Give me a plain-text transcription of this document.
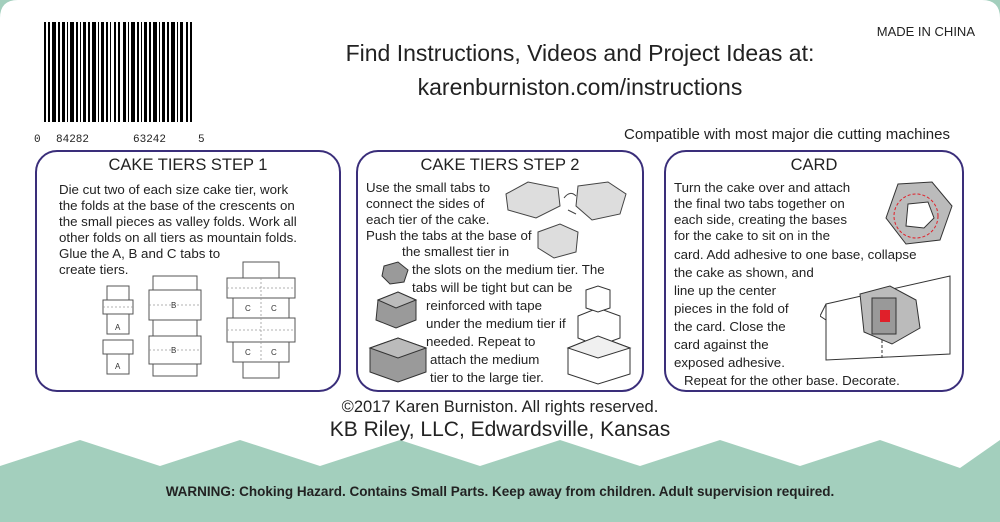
0 84282	63242	5
MADE IN CHINA
Find Instructions, Videos and Project Ideas at:
karenburniston.com/instructions
Compatible with most major die cutting machines
CAKE TIERS STEP 1
Die cut two of each size cake tier, work
the folds at the base of the crescents on
the small pieces as valley folds. Work all
other folds on all tiers as mountain folds.
Glue the A, B and C tabs to
create tiers.
A
A
B
B
C	C
C	C
CAKE TIERS STEP 2
Use the small tabs to
connect the sides of
each tier of the cake.
Push the tabs at the base of
the smallest tier in
the slots on the medium tier. The
tabs will be tight but can be
reinforced with tape
under the medium tier if
needed. Repeat to
attach the medium
tier to the large tier.
CARD
Turn the cake over and attach
the final two tabs together on
each side, creating the bases
for the cake to sit on in the
card. Add adhesive to one base, collapse
the cake as shown, and
line up the center
pieces in the fold of
the card. Close the
card against the
exposed adhesive.
Repeat for the other base. Decorate.
©2017 Karen Burniston. All rights reserved.
KB Riley, LLC, Edwardsville, Kansas
WARNING: Choking Hazard. Contains Small Parts. Keep away from children. Adult supervision required.
